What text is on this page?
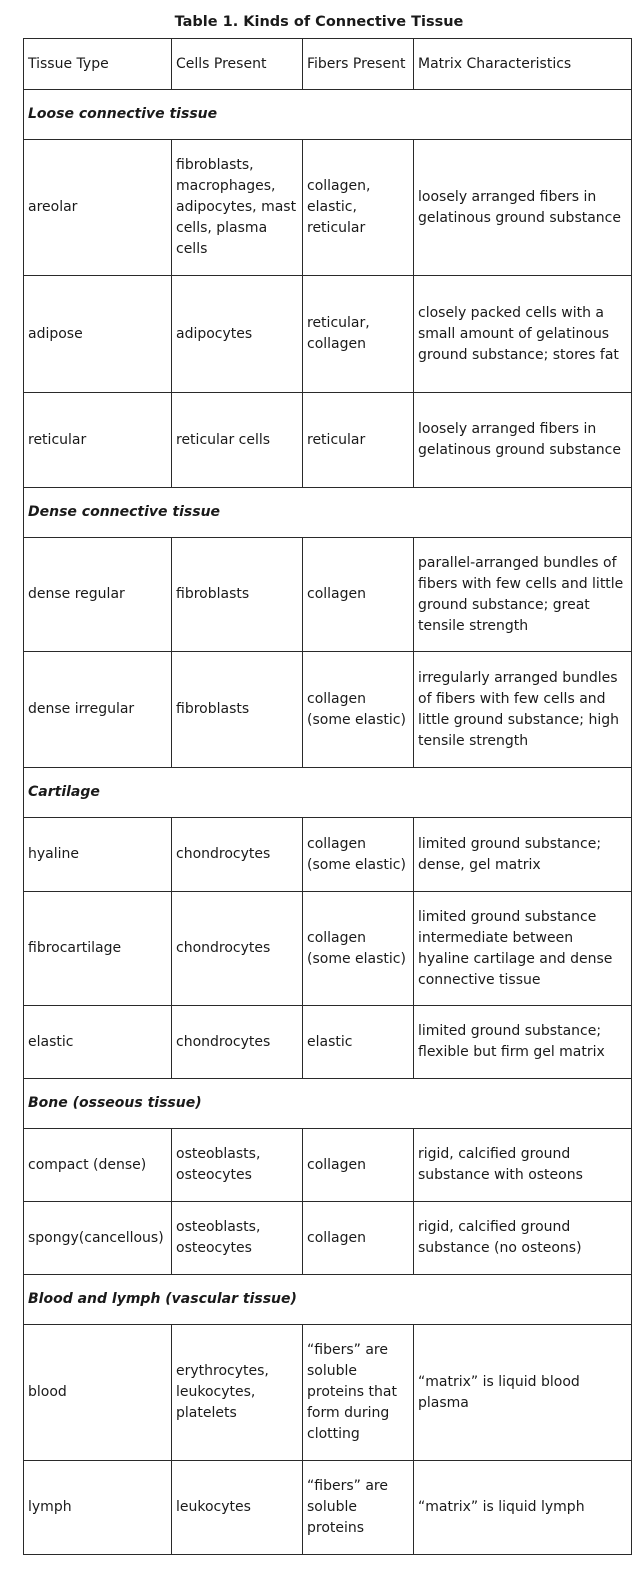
Table 1. Kinds of Connective Tissue
Tissue Type	Cells Present	Fibers Present	Matrix Characteristics
Loose connective tissue			
areolar	fibroblasts, macrophages, adipocytes, mast cells, plasma cells	collagen, elastic, reticular	loosely arranged fibers in gelatinous ground substance
adipose	adipocytes	reticular, collagen	closely packed cells with a small amount of gelatinous ground substance; stores fat
reticular	reticular cells	reticular	loosely arranged fibers in gelatinous ground substance
Dense connective tissue			
dense regular	fibroblasts	collagen	parallel-arranged bundles of fibers with few cells and little ground substance; great tensile strength
dense irregular	fibroblasts	collagen (some elastic)	irregularly arranged bundles of fibers with few cells and little ground substance; high tensile strength
Cartilage			
hyaline	chondrocytes	collagen (some elastic)	limited ground substance; dense, gel matrix
fibrocartilage	chondrocytes	collagen (some elastic)	limited ground substance intermediate between hyaline cartilage and dense connective tissue
elastic	chondrocytes	elastic	limited ground substance; flexible but firm gel matrix
Bone (osseous tissue)			
compact (dense)	osteoblasts, osteocytes	collagen	rigid, calcified ground substance with osteons
spongy(cancellous)	osteoblasts, osteocytes	collagen	rigid, calcified ground substance (no osteons)
Blood and lymph (vascular tissue)			
blood	erythrocytes, leukocytes, platelets	“fibers” are soluble proteins that form during clotting	“matrix” is liquid blood plasma
lymph	leukocytes	“fibers” are soluble proteins	“matrix” is liquid lymph
